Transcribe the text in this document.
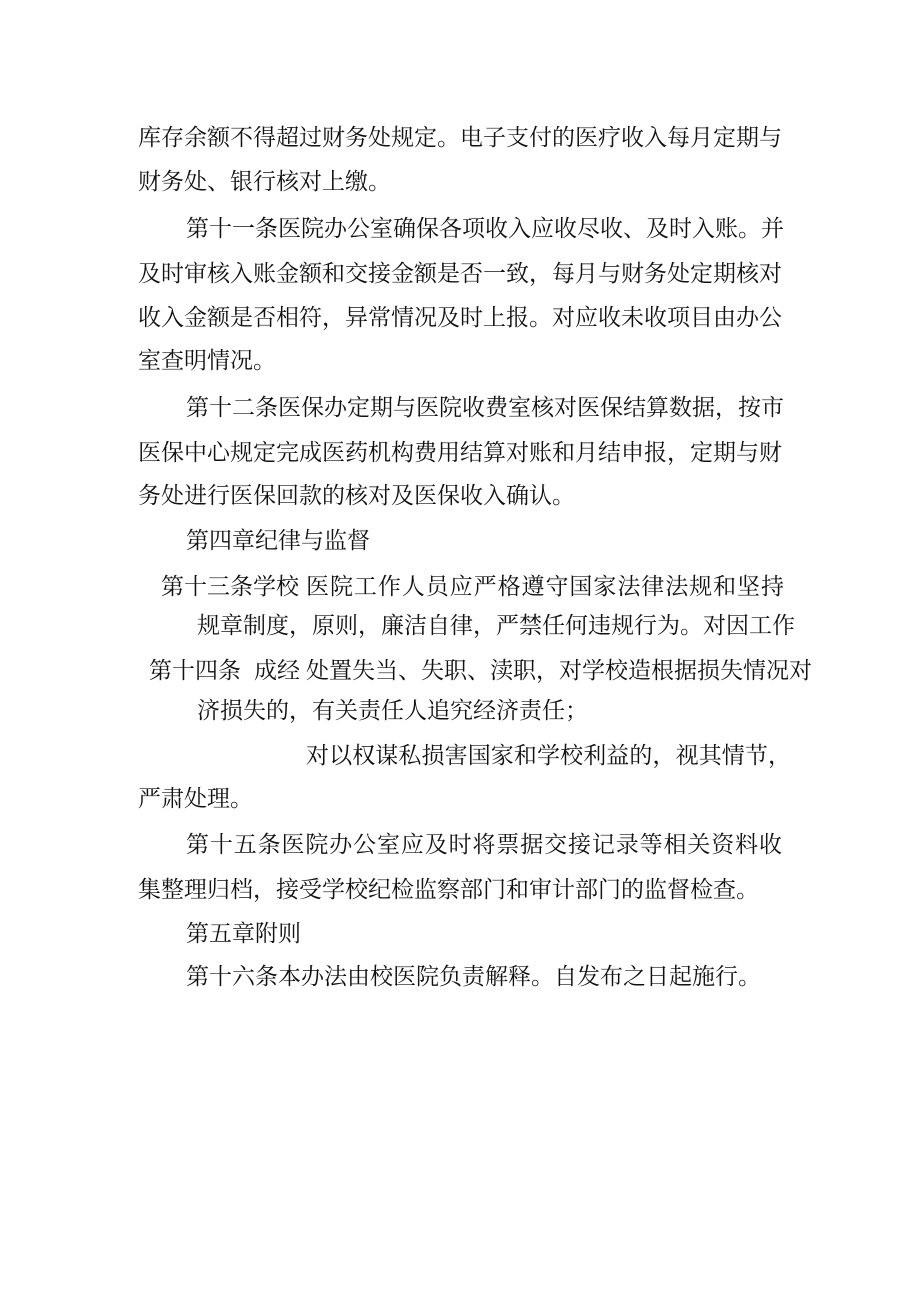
库存余额不得超过财务处规定。电子支付的医疗收入每月定期与
财务处、银行核对上缴。
第十一条医院办公室确保各项收入应收尽收、及时入账。并
及时审核入账金额和交接金额是否一致，每月与财务处定期核对
收入金额是否相符，异常情况及时上报。对应收未收项目由办公
室查明情况。
第十二条医保办定期与医院收费室核对医保结算数据，按市
医保中心规定完成医药机构费用结算对账和月结申报，定期与财
务处进行医保回款的核对及医保收入确认。
第四章纪律与监督
第十三条学校 医院工作人员应严格遵守国家法律法规和坚持
规章制度，原则，廉洁自律，严禁任何违规行为。对因工作
第十四条 成经 处置失当、失职、渎职，对学校造根据损失情况对
济损失的，有关责任人追究经济责任；
对以权谋私损害国家和学校利益的，视其情节，
严肃处理。
第十五条医院办公室应及时将票据交接记录等相关资料收
集整理归档，接受学校纪检监察部门和审计部门的监督检查。
第五章附则
第十六条本办法由校医院负责解释。自发布之日起施行。
